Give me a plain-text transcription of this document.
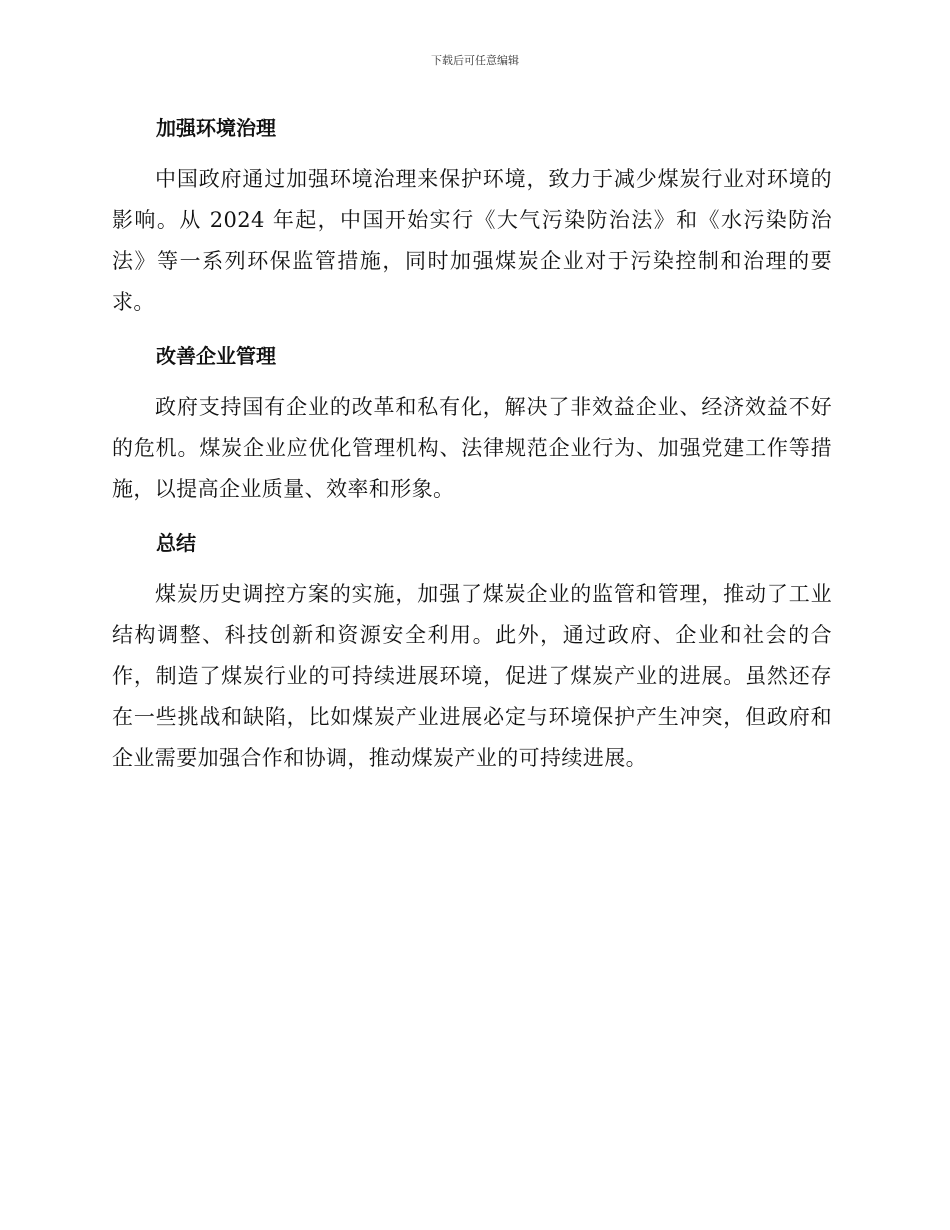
下载后可任意编辑
加强环境治理

中国政府通过加强环境治理来保护环境，致力于减少煤炭行业对环境的影响。从 2024 年起，中国开始实行《大气污染防治法》和《水污染防治法》等一系列环保监管措施，同时加强煤炭企业对于污染控制和治理的要求。

改善企业管理

政府支持国有企业的改革和私有化，解决了非效益企业、经济效益不好的危机。煤炭企业应优化管理机构、法律规范企业行为、加强党建工作等措施，以提高企业质量、效率和形象。

总结

煤炭历史调控方案的实施，加强了煤炭企业的监管和管理，推动了工业结构调整、科技创新和资源安全利用。此外，通过政府、企业和社会的合作，制造了煤炭行业的可持续进展环境，促进了煤炭产业的进展。虽然还存在一些挑战和缺陷，比如煤炭产业进展必定与环境保护产生冲突，但政府和企业需要加强合作和协调，推动煤炭产业的可持续进展。
